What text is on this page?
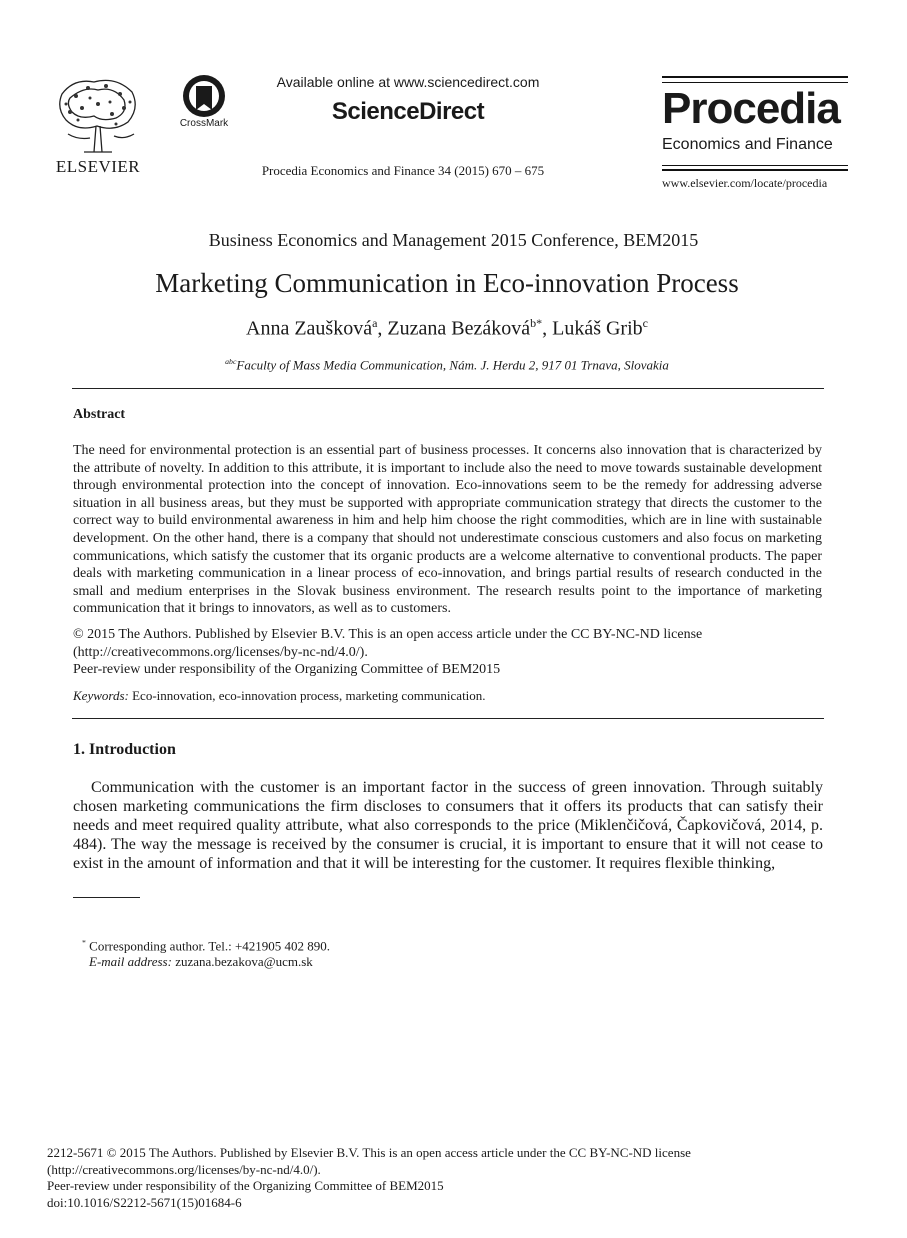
ELSEVIER
CrossMark
Available online at www.sciencedirect.com
ScienceDirect
Procedia Economics and Finance 34 (2015) 670 – 675
Procedia
Economics and Finance
www.elsevier.com/locate/procedia
Business Economics and Management 2015 Conference, BEM2015
Marketing Communication in Eco-innovation Process
Anna Zaušková$^a$, Zuzana Bezáková$^{b*}$, Lukáš Grib$^c$
$^{abc}$Faculty of Mass Media Communication, Nám. J. Herdu 2, 917 01 Trnava, Slovakia
Abstract
The need for environmental protection is an essential part of business processes. It concerns also innovation that is characterized by the attribute of novelty. In addition to this attribute, it is important to include also the need to move towards sustainable development through environmental protection into the concept of innovation. Eco-innovations seem to be the remedy for addressing adverse situation in all business areas, but they must be supported with appropriate communication strategy that directs the customer to the correct way to build environmental awareness in him and help him choose the right commodities, which are in line with sustainable development. On the other hand, there is a company that should not underestimate conscious customers and also focus on marketing communications, which satisfy the customer that its organic products are a welcome alternative to conventional products. The paper deals with marketing communication in a linear process of eco-innovation, and brings partial results of research conducted in the small and medium enterprises in the Slovak business environment. The research results point to the importance of marketing communication that it brings to innovators, as well as to customers.
© 2015 The Authors. Published by Elsevier B.V. This is an open access article under the CC BY-NC-ND license
(http://creativecommons.org/licenses/by-nc-nd/4.0/).
Peer-review under responsibility of the Organizing Committee of BEM2015
Keywords: Eco-innovation, eco-innovation process, marketing communication.
1. Introduction
Communication with the customer is an important factor in the success of green innovation. Through suitably chosen marketing communications the firm discloses to consumers that it offers its products that can satisfy their needs and meet required quality attribute, what also corresponds to the price (Miklenčičová, Čapkovičová, 2014, p. 484). The way the message is received by the consumer is crucial, it is important to ensure that it will not cease to exist in the amount of information and that it will be interesting for the customer. It requires flexible thinking,
* Corresponding author. Tel.: +421905 402 890.
E-mail address: zuzana.bezakova@ucm.sk
2212-5671 © 2015 The Authors. Published by Elsevier B.V. This is an open access article under the CC BY-NC-ND license
(http://creativecommons.org/licenses/by-nc-nd/4.0/).
Peer-review under responsibility of the Organizing Committee of BEM2015
doi:10.1016/S2212-5671(15)01684-6
